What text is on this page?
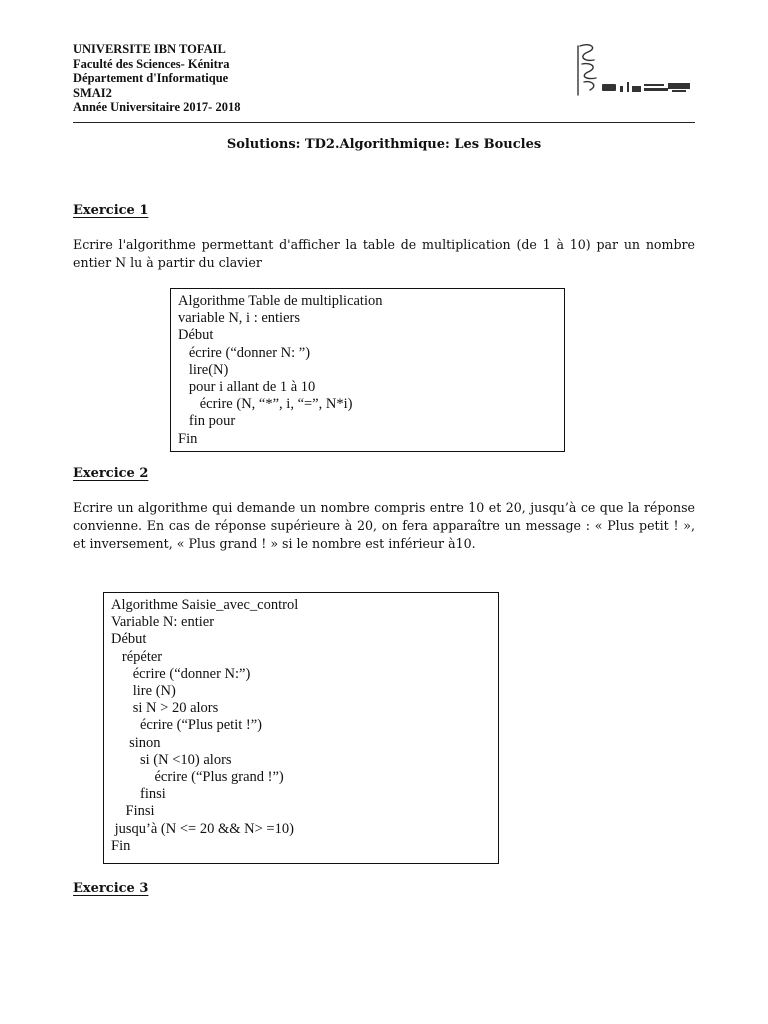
UNIVERSITE IBN TOFAIL
Faculté des Sciences- Kénitra
Département d'Informatique
SMAI2
Année Universitaire 2017- 2018
Solutions: TD2.Algorithmique: Les Boucles
Exercice 1
Ecrire l'algorithme permettant d'afficher la table de multiplication (de 1 à 10) par un nombre entier N lu à partir du clavier
Algorithme Table de multiplication
variable N, i : entiers
Début
écrire (“donner N: ”)
lire(N)
pour i allant de 1 à 10
écrire (N, “*”, i, “=”, N*i)
fin pour
Fin
Exercice 2
Ecrire un algorithme qui demande un nombre compris entre 10 et 20, jusqu’à ce que la réponse convienne. En cas de réponse supérieure à 20, on fera apparaître un message : « Plus petit ! », et inversement, « Plus grand ! » si le nombre est inférieur à10.
Algorithme Saisie_avec_control
Variable N: entier
Début
répéter
écrire (“donner N:”)
lire (N)
si N > 20 alors
écrire (“Plus petit !”)
sinon
si (N <10) alors
écrire (“Plus grand !”)
finsi
Finsi
jusqu’à (N <= 20 && N> =10)
Fin
Exercice 3
